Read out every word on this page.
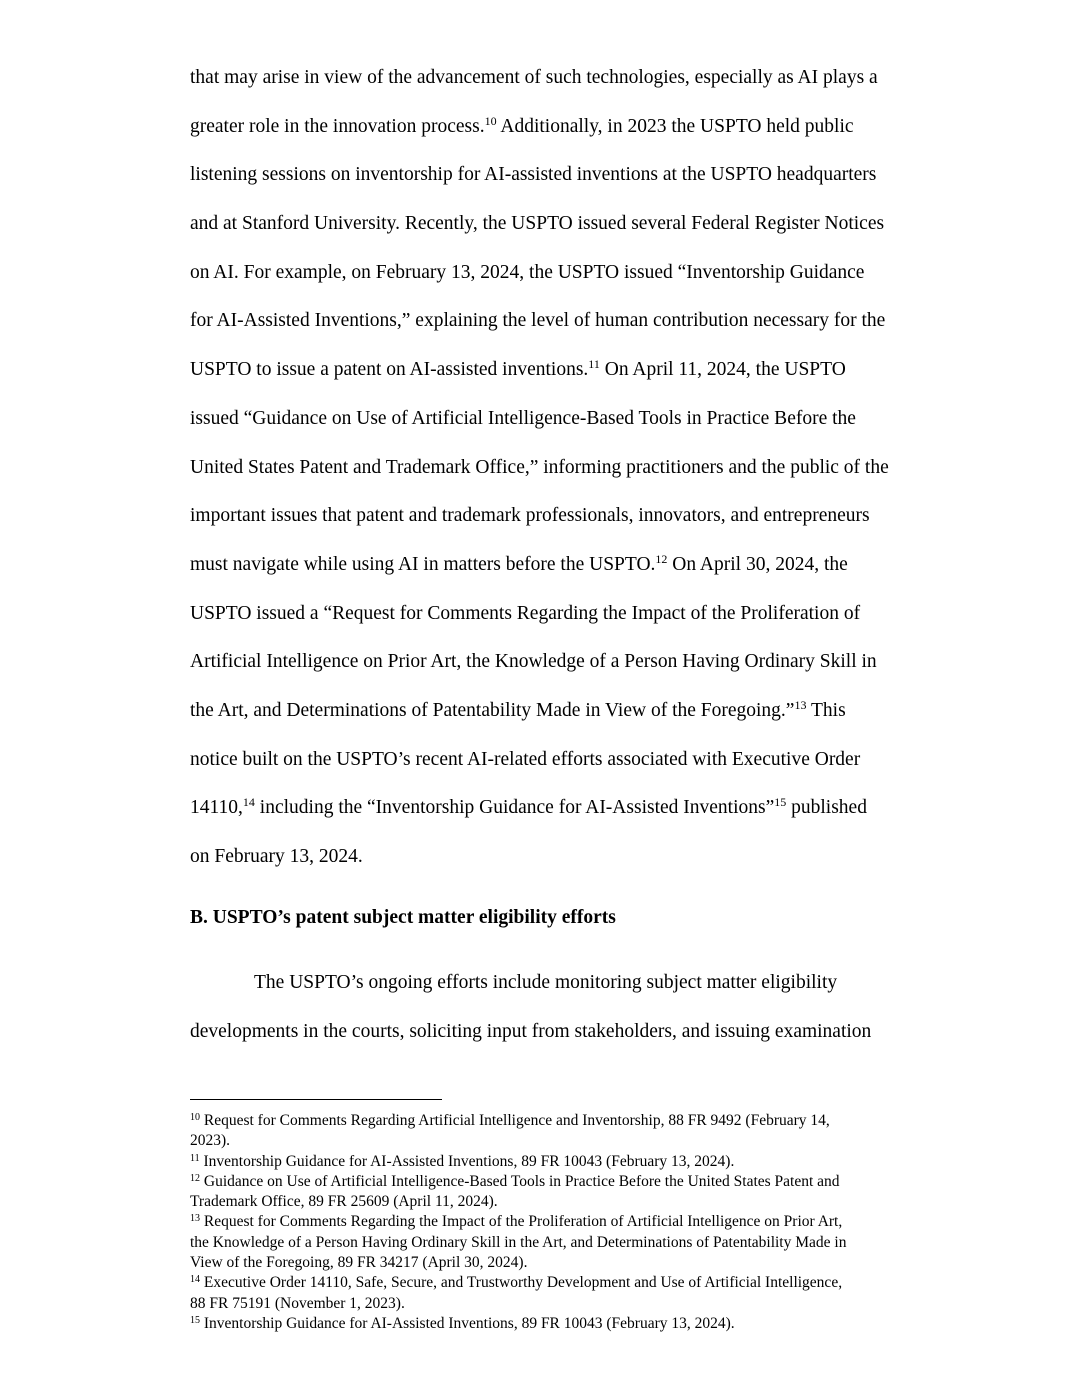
that may arise in view of the advancement of such technologies, especially as AI plays a
greater role in the innovation process.$^{10}$ Additionally, in 2023 the USPTO held public
listening sessions on inventorship for AI-assisted inventions at the USPTO headquarters
and at Stanford University. Recently, the USPTO issued several Federal Register Notices
on AI. For example, on February 13, 2024, the USPTO issued “Inventorship Guidance
for AI-Assisted Inventions,” explaining the level of human contribution necessary for the
USPTO to issue a patent on AI-assisted inventions.$^{11}$ On April 11, 2024, the USPTO
issued “Guidance on Use of Artificial Intelligence-Based Tools in Practice Before the
United States Patent and Trademark Office,” informing practitioners and the public of the
important issues that patent and trademark professionals, innovators, and entrepreneurs
must navigate while using AI in matters before the USPTO.$^{12}$ On April 30, 2024, the
USPTO issued a “Request for Comments Regarding the Impact of the Proliferation of
Artificial Intelligence on Prior Art, the Knowledge of a Person Having Ordinary Skill in
the Art, and Determinations of Patentability Made in View of the Foregoing.”$^{13}$ This
notice built on the USPTO’s recent AI-related efforts associated with Executive Order
14110,14 including the “Inventorship Guidance for AI-Assisted Inventions”$^{15}$ published
on February 13, 2024.
B. USPTO’s patent subject matter eligibility efforts
The USPTO’s ongoing efforts include monitoring subject matter eligibility
developments in the courts, soliciting input from stakeholders, and issuing examination
$^{10}$ Request for Comments Regarding Artificial Intelligence and Inventorship, 88 FR 9492 (February 14,
2023).
$^{11}$ Inventorship Guidance for AI-Assisted Inventions, 89 FR 10043 (February 13, 2024).
$^{12}$ Guidance on Use of Artificial Intelligence-Based Tools in Practice Before the United States Patent and
Trademark Office, 89 FR 25609 (April 11, 2024).
$^{13}$ Request for Comments Regarding the Impact of the Proliferation of Artificial Intelligence on Prior Art,
the Knowledge of a Person Having Ordinary Skill in the Art, and Determinations of Patentability Made in
View of the Foregoing, 89 FR 34217 (April 30, 2024).
$^{14}$ Executive Order 14110, Safe, Secure, and Trustworthy Development and Use of Artificial Intelligence,
88 FR 75191 (November 1, 2023).
$^{15}$ Inventorship Guidance for AI-Assisted Inventions, 89 FR 10043 (February 13, 2024).
